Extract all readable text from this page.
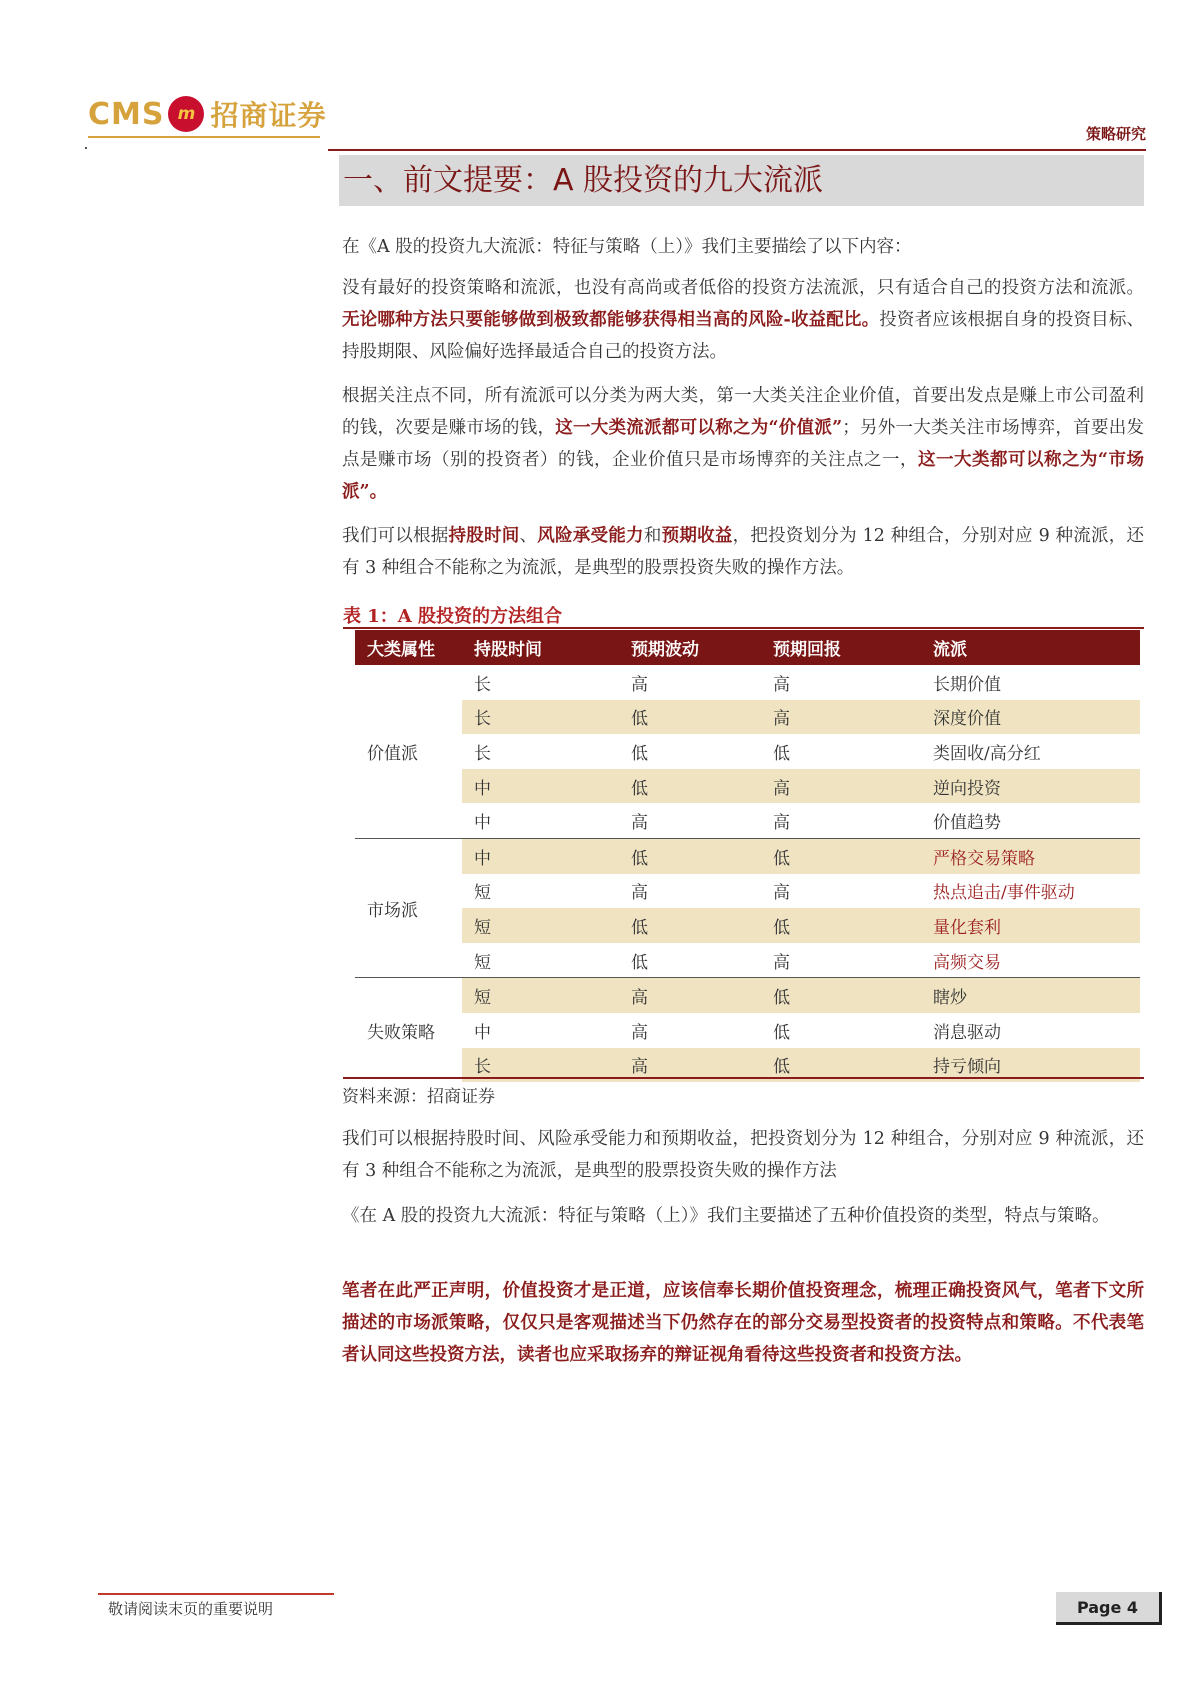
CMS m 招商证券
策略研究
一、前文提要：A 股投资的九大流派

在《A 股的投资九大流派：特征与策略（上）》我们主要描绘了以下内容：

没有最好的投资策略和流派，也没有高尚或者低俗的投资方法流派，只有适合自己的投资方法和流派。无论哪种方法只要能够做到极致都能够获得相当高的风险-收益配比。投资者应该根据自身的投资目标、持股期限、风险偏好选择最适合自己的投资方法。

根据关注点不同，所有流派可以分类为两大类，第一大类关注企业价值，首要出发点是赚上市公司盈利的钱，次要是赚市场的钱，这一大类流派都可以称之为“价值派”；另外一大类关注市场博弈，首要出发点是赚市场（别的投资者）的钱，企业价值只是市场博弈的关注点之一，这一大类都可以称之为“市场派”。

我们可以根据持股时间、风险承受能力和预期收益，把投资划分为 12 种组合，分别对应 9 种流派，还有 3 种组合不能称之为流派，是典型的股票投资失败的操作方法。

表 1：A 股投资的方法组合
大类属性	持股时间	预期波动	预期回报	流派
价值派	长	高	高	长期价值
	长	低	高	深度价值
	长	低	低	类固收/高分红
	中	低	高	逆向投资
	中	高	高	价值趋势
市场派	中	低	低	严格交易策略
	短	高	高	热点追击/事件驱动
	短	低	低	量化套利
	短	低	高	高频交易
失败策略	短	高	低	瞎炒
	中	高	低	消息驱动
	长	高	低	持亏倾向
资料来源：招商证券

我们可以根据持股时间、风险承受能力和预期收益，把投资划分为 12 种组合，分别对应 9 种流派，还有 3 种组合不能称之为流派，是典型的股票投资失败的操作方法

《在 A 股的投资九大流派：特征与策略（上）》我们主要描述了五种价值投资的类型，特点与策略。

笔者在此严正声明，价值投资才是正道，应该信奉长期价值投资理念，梳理正确投资风气，笔者下文所描述的市场派策略，仅仅只是客观描述当下仍然存在的部分交易型投资者的投资特点和策略。不代表笔者认同这些投资方法，读者也应采取扬弃的辩证视角看待这些投资者和投资方法。

敬请阅读末页的重要说明	Page 4
